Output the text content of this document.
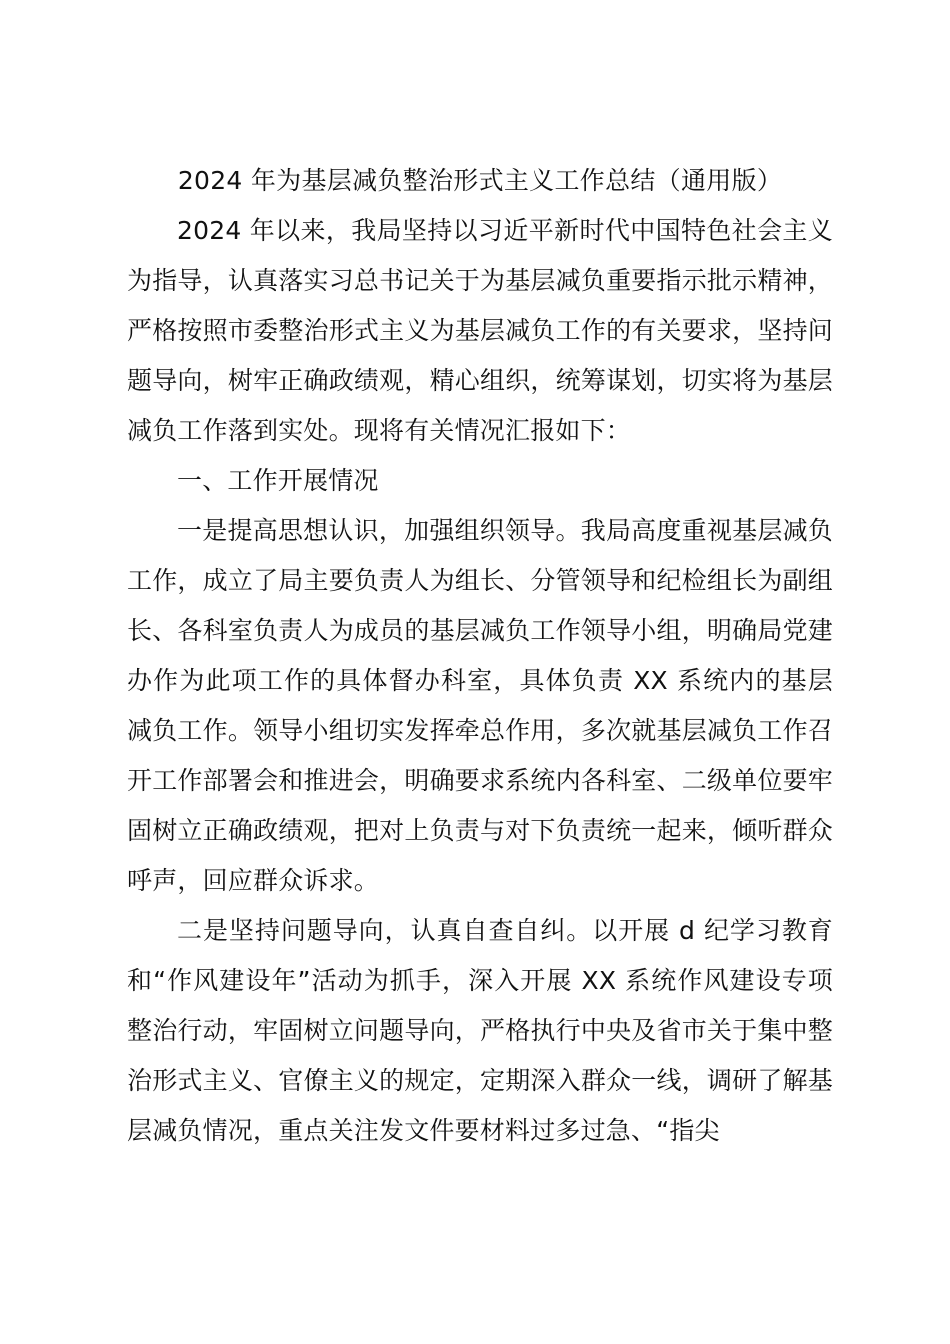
2024 年为基层减负整治形式主义工作总结（通用版）

2024 年以来，我局坚持以习近平新时代中国特色社会主义为指导，认真落实习总书记关于为基层减负重要指示批示精神，严格按照市委整治形式主义为基层减负工作的有关要求，坚持问题导向，树牢正确政绩观，精心组织，统筹谋划，切实将为基层减负工作落到实处。现将有关情况汇报如下：

一、工作开展情况

一是提高思想认识，加强组织领导。我局高度重视基层减负工作，成立了局主要负责人为组长、分管领导和纪检组长为副组长、各科室负责人为成员的基层减负工作领导小组，明确局党建办作为此项工作的具体督办科室，具体负责 XX 系统内的基层减负工作。领导小组切实发挥牵总作用，多次就基层减负工作召开工作部署会和推进会，明确要求系统内各科室、二级单位要牢固树立正确政绩观，把对上负责与对下负责统一起来，倾听群众呼声，回应群众诉求。

二是坚持问题导向，认真自查自纠。以开展 d 纪学习教育和“作风建设年”活动为抓手，深入开展 XX 系统作风建设专项整治行动，牢固树立问题导向，严格执行中央及省市关于集中整治形式主义、官僚主义的规定，定期深入群众一线，调研了解基层减负情况，重点关注发文件要材料过多过急、“指尖
